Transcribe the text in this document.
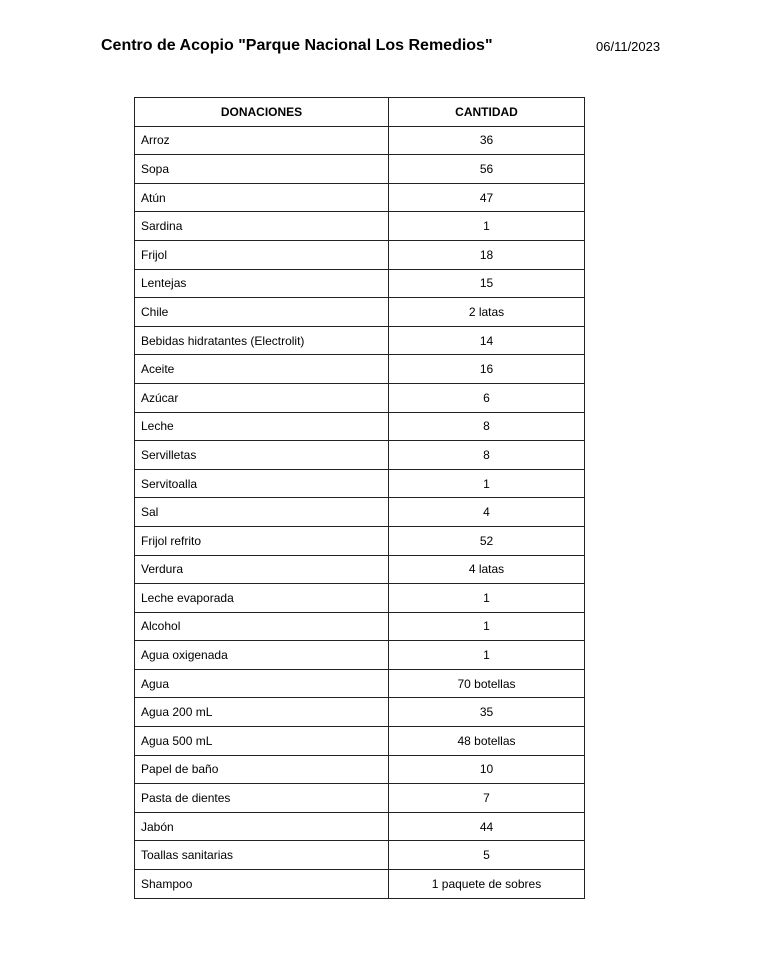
Centro de Acopio "Parque Nacional Los Remedios"	06/11/2023
DONACIONES	CANTIDAD
Arroz	36
Sopa	56
Atún	47
Sardina	1
Frijol	18
Lentejas	15
Chile	2 latas
Bebidas hidratantes (Electrolit)	14
Aceite	16
Azúcar	6
Leche	8
Servilletas	8
Servitoalla	1
Sal	4
Frijol refrito	52
Verdura	4 latas
Leche evaporada	1
Alcohol	1
Agua oxigenada	1
Agua	70 botellas
Agua 200 mL	35
Agua 500 mL	48 botellas
Papel de baño	10
Pasta de dientes	7
Jabón	44
Toallas sanitarias	5
Shampoo	1 paquete de sobres
